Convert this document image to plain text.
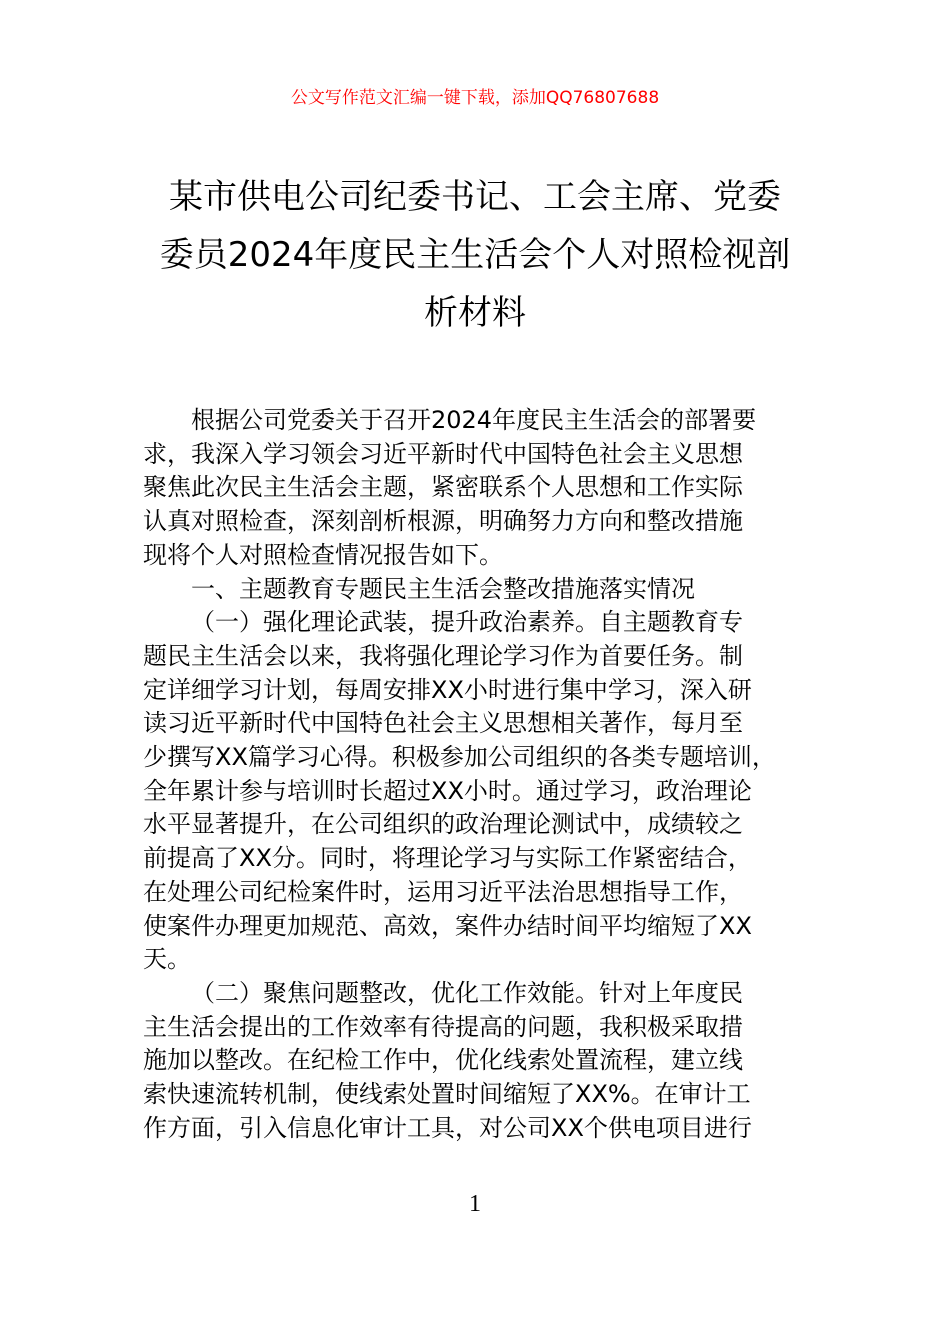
公文写作范文汇编一键下载，添加QQ76807688
某市供电公司纪委书记、工会主席、党委
委员2024年度民主生活会个人对照检视剖
析材料
根据公司党委关于召开2024年度民主生活会的部署要
求，我深入学习领会习近平新时代中国特色社会主义思想
聚焦此次民主生活会主题，紧密联系个人思想和工作实际
认真对照检查，深刻剖析根源，明确努力方向和整改措施
现将个人对照检查情况报告如下。
一、主题教育专题民主生活会整改措施落实情况
（一）强化理论武装，提升政治素养。自主题教育专
题民主生活会以来，我将强化理论学习作为首要任务。制
定详细学习计划，每周安排XX小时进行集中学习，深入研
读习近平新时代中国特色社会主义思想相关著作，每月至
少撰写XX篇学习心得。积极参加公司组织的各类专题培训，
全年累计参与培训时长超过XX小时。通过学习，政治理论
水平显著提升，在公司组织的政治理论测试中，成绩较之
前提高了XX分。同时，将理论学习与实际工作紧密结合，
在处理公司纪检案件时，运用习近平法治思想指导工作，
使案件办理更加规范、高效，案件办结时间平均缩短了XX
天。
（二）聚焦问题整改，优化工作效能。针对上年度民
主生活会提出的工作效率有待提高的问题，我积极采取措
施加以整改。在纪检工作中，优化线索处置流程，建立线
索快速流转机制，使线索处置时间缩短了XX%。在审计工
作方面，引入信息化审计工具，对公司XX个供电项目进行
1
